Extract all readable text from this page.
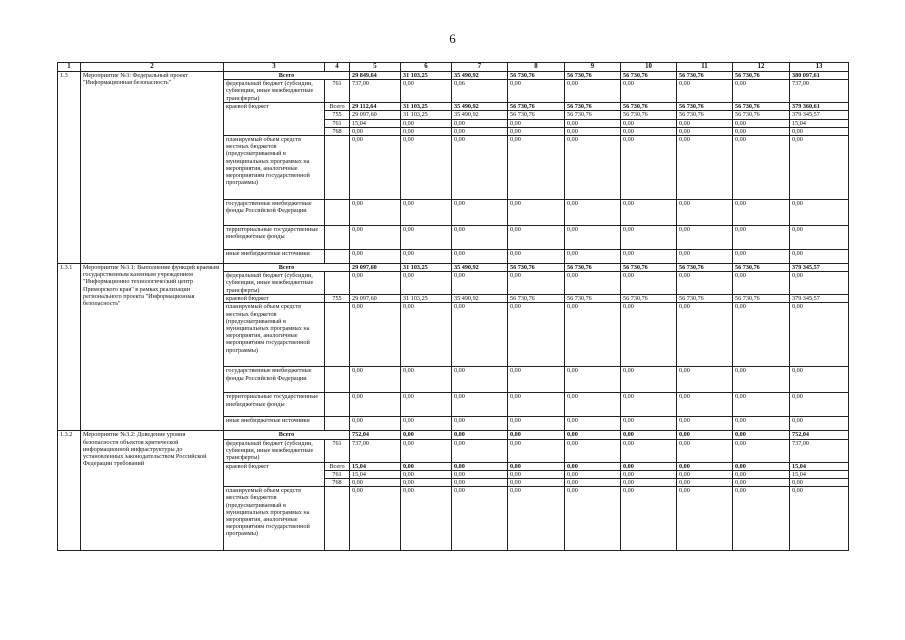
6
1	2	3	4	5	6	7	8	9	10	11	12	13
1.3	Мероприятие №3: Федеральный проект "Информационная безопасность"	Всего		29 849,64	31 103,25	35 490,92	56 730,76	56 730,76	56 730,76	56 730,76	56 730,76	380 097,61
		федеральный бюджет (субсидии, субвенции, иные межбюджетные трансферты)	761	737,00	0,00	0,06	0,00	0,00	0,00	0,00	0,00	737,00
		краевой бюджет	Всего	29 112,64	31 103,25	35 490,92	56 730,76	56 730,76	56 730,76	56 730,76	56 730,76	379 360,61
			755	29 097,60	31 103,25	35 490,92	56 730,76	56 730,76	56 730,76	56 730,76	56 730,76	379 345,57
			761	15,04	0,00	0,00	0,00	0,00	0,00	0,00	0,00	15,04
			768	0,00	0,00	0,00	0,00	0,00	0,00	0,00	0,00	0,00
		планируемый объем средств местных бюджетов (предусматриваемый в муниципальных программах на мероприятия, аналогичные мероприятиям государственной программы)		0,00	0,00	0,00	0,00	0,00	0,00	0,00	0,00	0,00
		государственные внебюджетные фонды Российской Федерации		0,00	0,00	0,00	0,00	0,00	0,00	0,00	0,00	0,00
		территориальные государственные внебюджетные фонды		0,00	0,00	0,00	0,00	0,00	0,00	0,00	0,00	0,00
		иные внебюджетные источники		0,00	0,00	0,00	0,00	0,00	0,00	0,00	0,00	0,00
1.3.1	Мероприятие №3.1: Выполнение функций краевым государственным казенным учреждением "Информационно технологический центр Приморского края" в рамках реализации регионального проекта "Информационная безопасность"	Всего		29 097,60	31 103,25	35 490,92	56 730,76	56 730,76	56 730,76	56 730,76	56 730,76	379 345,57
		федеральный бюджет (субсидии, субвенции, иные межбюджетные трансферты)		0,00	0,00	0,00	0,00	0,00	0,00	0,00	0,00	0,00
		краевой бюджет	755	29 097,60	31 103,25	35 490,92	56 730,76	56 730,76	56 730,76	56 730,76	56 730,76	379 345,57
		планируемый объем средств местных бюджетов (предусматриваемый в муниципальных программах на мероприятия, аналогичные мероприятиям государственной программы)		0,00	0,00	0,00	0,00	0,00	0,00	0,00	0,00	0,00
		государственные внебюджетные фонды Российской Федерации		0,00	0,00	0,00	0,00	0,00	0,00	0,00	0,00	0,00
		территориальные государственные внебюджетные фонды		0,00	0,00	0,00	0,00	0,00	0,00	0,00	0,00	0,00
		иные внебюджетные источники		0,00	0,00	0,00	0,00	0,00	0,00	0,00	0,00	0,00
1.3.2	Мероприятие №3.2: Доведение уровня безопасности объектов критической информационной инфраструктуры до установленных законодательством Российской Федерации требований	Всего		752,04	0,00	0,00	0,00	0,00	0,00	0,00	0,00	752,04
		федеральный бюджет (субсидии, субвенции, иные межбюджетные трансферты)	761	737,00	0,00	0,00	0,00	0,00	0,00	0,00	0,00	737,00
		краевой бюджет	Всего	15,04	0,00	0,00	0,00	0,00	0,00	0,00	0,00	15,04
			761	15,04	0,00	0,00	0,00	0,00	0,00	0,00	0,00	15,04
			768	0,00	0,00	0,00	0,00	0,00	0,00	0,00	0,00	0,00
		планируемый объем средств местных бюджетов (предусматриваемый в муниципальных программах на мероприятия, аналогичные мероприятиям государственной программы)		0,00	0,00	0,00	0,00	0,00	0,00	0,00	0,00	0,00
